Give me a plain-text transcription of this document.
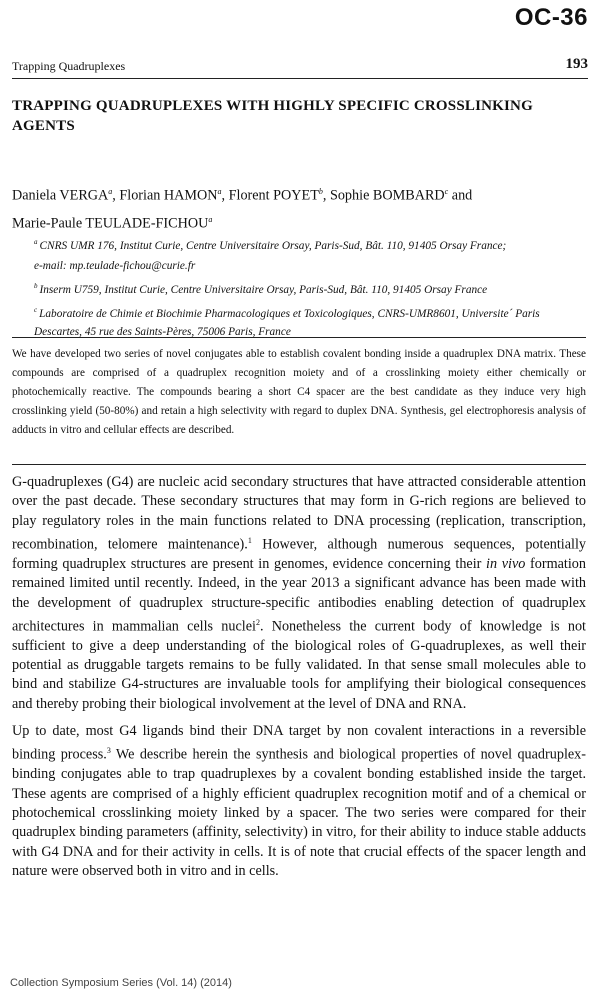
OC-36
Trapping Quadruplexes	193
TRAPPING QUADRUPLEXES WITH HIGHLY SPECIFIC CROSSLINKING AGENTS

Daniela VERGA$^a$, Florian HAMON$^a$, Florent POYET$^b$, Sophie BOMBARD$^c$ and
Marie-Paule TEULADE-FICHOU$^a$

$^a$ CNRS UMR 176, Institut Curie, Centre Universitaire Orsay, Paris-Sud, Bât. 110, 91405 Orsay France;

e-mail: mp.teulade-fichou@curie.fr

$^b$ Inserm U759, Institut Curie, Centre Universitaire Orsay, Paris-Sud, Bât. 110, 91405 Orsay France

$^c$ Laboratoire de Chimie et Biochimie Pharmacologiques et Toxicologiques, CNRS-UMR8601, Universite´ Paris Descartes, 45 rue des Saints-Pères, 75006 Paris, France

We have developed two series of novel conjugates able to establish covalent bonding inside a quadruplex DNA matrix. These compounds are comprised of a quadruplex recognition moiety and of a crosslinking moiety either chemically or photochemically reactive. The compounds bearing a short C4 spacer are the best candidate as they induce very high crosslinking yield (50-80%) and retain a high selectivity with regard to duplex DNA. Synthesis, gel electrophoresis analysis of adducts in vitro and cellular effects are described.

G-quadruplexes (G4) are nucleic acid secondary structures that have attracted considerable attention over the past decade. These secondary structures that may form in G-rich regions are believed to play regulatory roles in the main functions related to DNA processing (replication, transcription, recombination, telomere maintenance).$^1$ However, although numerous sequences, potentially forming quadruplex structures are present in genomes, evidence concerning their in vivo formation remained limited until recently. Indeed, in the year 2013 a significant advance has been made with the development of quadruplex structure-specific antibodies enabling detection of quadruplex architectures in mammalian cells nuclei$^2$. Nonetheless the current body of knowledge is not sufficient to give a deep understanding of the biological roles of G-quadruplexes, as well their potential as druggable targets remains to be fully validated. In that sense small molecules able to bind and stabilize G4-structures are invaluable tools for amplifying their biological consequences and thereby probing their biological involvement at the level of DNA and RNA.

Up to date, most G4 ligands bind their DNA target by non covalent interactions in a reversible binding process.$^3$ We describe herein the synthesis and biological properties of novel quadruplex-binding conjugates able to trap quadruplexes by a covalent bonding established inside the target. These agents are comprised of a highly efficient quadruplex recognition motif and of a chemical or photochemical crosslinking moiety linked by a spacer. The two series were compared for their quadruplex binding parameters (affinity, selectivity) in vitro, for their ability to induce stable adducts with G4 DNA and for their activity in cells. It is of note that crucial effects of the spacer length and nature were observed both in vitro and in cells.

Collection Symposium Series (Vol. 14) (2014)
